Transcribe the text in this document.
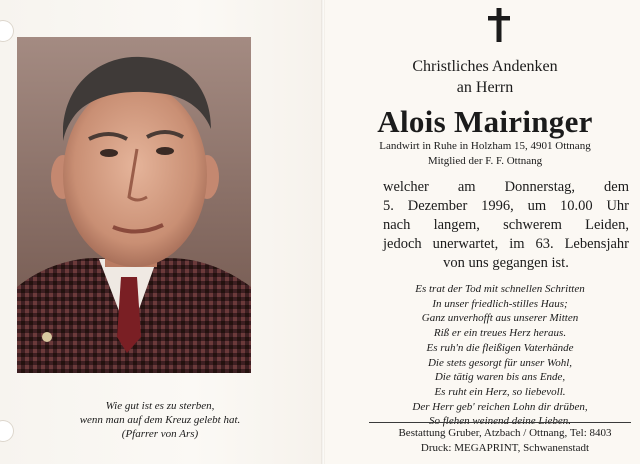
Wie gut ist es zu sterben,
wenn man auf dem Kreuz gelebt hat.
(Pfarrer von Ars)
Christliches Andenken
an Herrn
Alois Mairinger
Landwirt in Ruhe in Holzham 15, 4901 Ottnang
Mitglied der F. F. Ottnang
welcher am Donnerstag, dem
5. Dezember 1996, um 10.00 Uhr
nach langem, schwerem Leiden,
jedoch unerwartet, im 63. Lebensjahr
von uns gegangen ist.
Es trat der Tod mit schnellen Schritten
In unser friedlich-stilles Haus;
Ganz unverhofft aus unserer Mitten
Riß er ein treues Herz heraus.
Es ruh'n die fleißigen Vaterhände
Die stets gesorgt für unser Wohl,
Die tätig waren bis ans Ende,
Es ruht ein Herz, so liebevoll.
Der Herr geb' reichen Lohn dir drüben,
Bestattung Gruber, Atzbach / Ottnang, Tel: 8403
Druck: MEGAPRINT, Schwanenstadt
